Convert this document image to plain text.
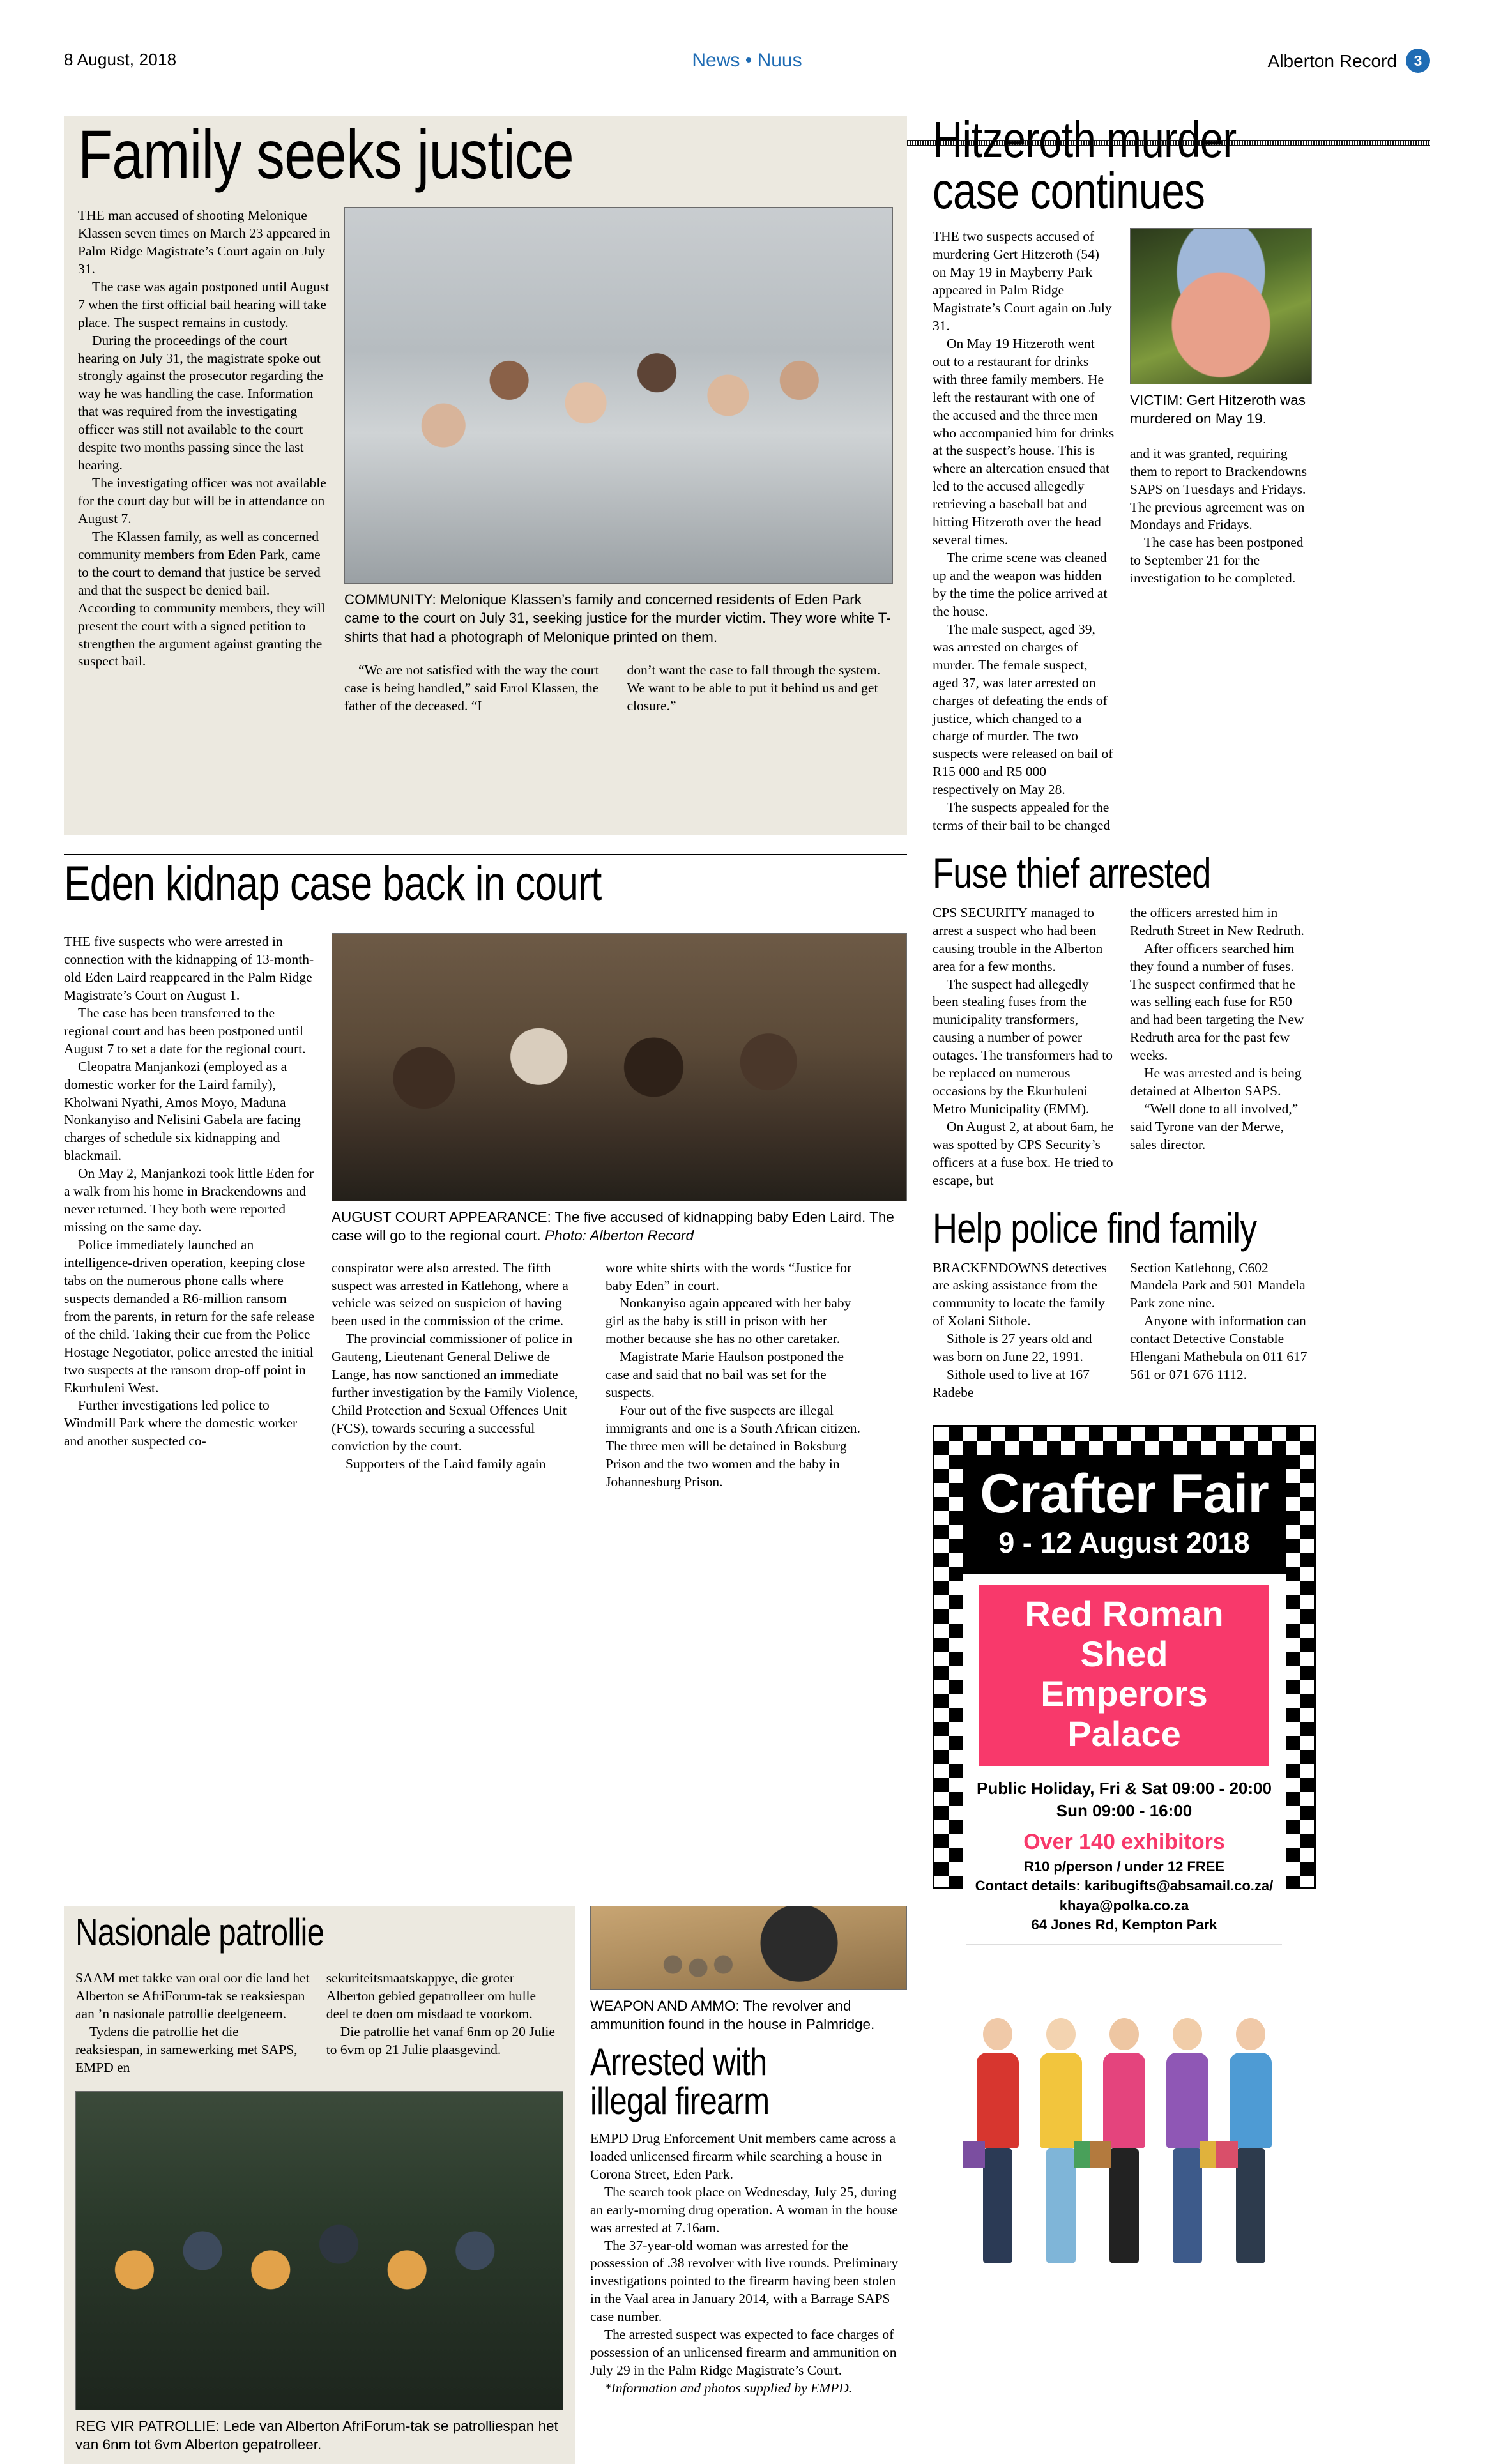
8 August, 2018	News • Nuus	Alberton Record	3
Family seeks justice

THE man accused of shooting Melonique Klassen seven times on March 23 appeared in Palm Ridge Magistrate’s Court again on July 31.

The case was again postponed until August 7 when the first official bail hearing will take place. The suspect remains in custody.

During the proceedings of the court hearing on July 31, the magistrate spoke out strongly against the prosecutor regarding the way he was handling the case. Information that was required from the investigating officer was still not available to the court despite two months passing since the last hearing.

The investigating officer was not available for the court day but will be in attendance on August 7.

The Klassen family, as well as concerned community members from Eden Park, came to the court to demand that justice be served and that the suspect be denied bail. According to community members, they will present the court with a signed petition to strengthen the argument against granting the suspect bail.

COMMUNITY: Melonique Klassen’s family and concerned residents of Eden Park came to the court on July 31, seeking justice for the murder victim. They wore white T-shirts that had a photograph of Melonique printed on them.

“We are not satisfied with the way the court case is being handled,” said Errol Klassen, the father of the deceased. “I

don’t want the case to fall through the system. We want to be able to put it behind us and get closure.”

Hitzeroth murder
case continues

THE two suspects accused of murdering Gert Hitzeroth (54) on May 19 in Mayberry Park appeared in Palm Ridge Magistrate’s Court again on July 31.

On May 19 Hitzeroth went out to a restaurant for drinks with three family members. He left the restaurant with one of the accused and the three men who accompanied him for drinks at the suspect’s house. This is where an altercation ensued that led to the accused allegedly retrieving a baseball bat and hitting Hitzeroth over the head several times.

The crime scene was cleaned up and the weapon was hidden by the time the police arrived at the house.

The male suspect, aged 39, was arrested on charges of murder. The female suspect, aged 37, was later arrested on charges of defeating the ends of justice, which changed to a charge of murder. The two suspects were released on bail of R15 000 and R5 000 respectively on May 28.

The suspects appealed for the terms of their bail to be changed

VICTIM: Gert Hitzeroth was murdered on May 19.

and it was granted, requiring them to report to Brackendowns SAPS on Tuesdays and Fridays. The previous agreement was on Mondays and Fridays.

The case has been postponed to September 21 for the investigation to be completed.

Eden kidnap case back in court

THE five suspects who were arrested in connection with the kidnapping of 13-month-old Eden Laird reappeared in the Palm Ridge Magistrate’s Court on August 1.

The case has been transferred to the regional court and has been postponed until August 7 to set a date for the regional court.

Cleopatra Manjankozi (employed as a domestic worker for the Laird family), Kholwani Nyathi, Amos Moyo, Maduna Nonkanyiso and Nelisini Gabela are facing charges of schedule six kidnapping and blackmail.

On May 2, Manjankozi took little Eden for a walk from his home in Brackendowns and never returned. They both were reported missing on the same day.

Police immediately launched an intelligence-driven operation, keeping close tabs on the numerous phone calls where suspects demanded a R6-million ransom from the parents, in return for the safe release of the child. Taking their cue from the Police Hostage Negotiator, police arrested the initial two suspects at the ransom drop-off point in Ekurhuleni West.

Further investigations led police to Windmill Park where the domestic worker and another suspected co-

AUGUST COURT APPEARANCE: The five accused of kidnapping baby Eden Laird. The case will go to the regional court. Photo: Alberton Record

conspirator were also arrested. The fifth suspect was arrested in Katlehong, where a vehicle was seized on suspicion of having been used in the commission of the crime.

The provincial commissioner of police in Gauteng, Lieutenant General Deliwe de Lange, has now sanctioned an immediate further investigation by the Family Violence, Child Protection and Sexual Offences Unit (FCS), towards securing a successful conviction by the court.

Supporters of the Laird family again

wore white shirts with the words “Justice for baby Eden” in court.

Nonkanyiso again appeared with her baby girl as the baby is still in prison with her mother because she has no other caretaker.

Magistrate Marie Haulson postponed the case and said that no bail was set for the suspects.

Four out of the five suspects are illegal immigrants and one is a South African citizen. The three men will be detained in Boksburg Prison and the two women and the baby in Johannesburg Prison.

Fuse thief arrested

CPS SECURITY managed to arrest a suspect who had been causing trouble in the Alberton area for a few months.

The suspect had allegedly been stealing fuses from the municipality transformers, causing a number of power outages. The transformers had to be replaced on numerous occasions by the Ekurhuleni Metro Municipality (EMM).

On August 2, at about 6am, he was spotted by CPS Security’s officers at a fuse box. He tried to escape, but

the officers arrested him in Redruth Street in New Redruth.

After officers searched him they found a number of fuses. The suspect confirmed that he was selling each fuse for R50 and had been targeting the New Redruth area for the past few weeks.

He was arrested and is being detained at Alberton SAPS.

“Well done to all involved,” said Tyrone van der Merwe, sales director.

Help police find family

BRACKENDOWNS detectives are asking assistance from the community to locate the family of Xolani Sithole.

Sithole is 27 years old and was born on June 22, 1991.

Sithole used to live at 167 Radebe

Section Katlehong, C602 Mandela Park and 501 Mandela Park zone nine.

Anyone with information can contact Detective Constable Hlengani Mathebula on 011 617 561 or 071 676 1112.

Crafter Fair
9 - 12 August 2018
Red Roman Shed
Emperors Palace
Public Holiday, Fri & Sat 09:00 - 20:00
Sun 09:00 - 16:00
Over 140 exhibitors
R10 p/person / under 12 FREE
Contact details: karibugifts@absamail.co.za/
khaya@polka.co.za
64 Jones Rd, Kempton Park
Nasionale patrollie

SAAM met takke van oral oor die land het Alberton se AfriForum-tak se reaksiespan aan ’n nasionale patrollie deelgeneem.

Tydens die patrollie het die reaksiespan, in samewerking met SAPS, EMPD en

sekuriteitsmaatskappye, die groter Alberton gebied gepatrolleer om hulle deel te doen om misdaad te voorkom.

Die patrollie het vanaf 6nm op 20 Julie to 6vm op 21 Julie plaasgevind.

REG VIR PATROLLIE: Lede van Alberton AfriForum-tak se patrolliespan het van 6nm tot 6vm Alberton gepatrolleer.
WEAPON AND AMMO: The revolver and ammunition found in the house in Palmridge.
Arrested with
illegal firearm

EMPD Drug Enforcement Unit members came across a loaded unlicensed firearm while searching a house in Corona Street, Eden Park.

The search took place on Wednesday, July 25, during an early-morning drug operation. A woman in the house was arrested at 7.16am.

The 37-year-old woman was arrested for the possession of .38 revolver with live rounds. Preliminary investigations pointed to the firearm having been stolen in the Vaal area in January 2014, with a Barrage SAPS case number.

The arrested suspect was expected to face charges of possession of an unlicensed firearm and ammunition on July 29 in the Palm Ridge Magistrate’s Court.

*Information and photos supplied by EMPD.
